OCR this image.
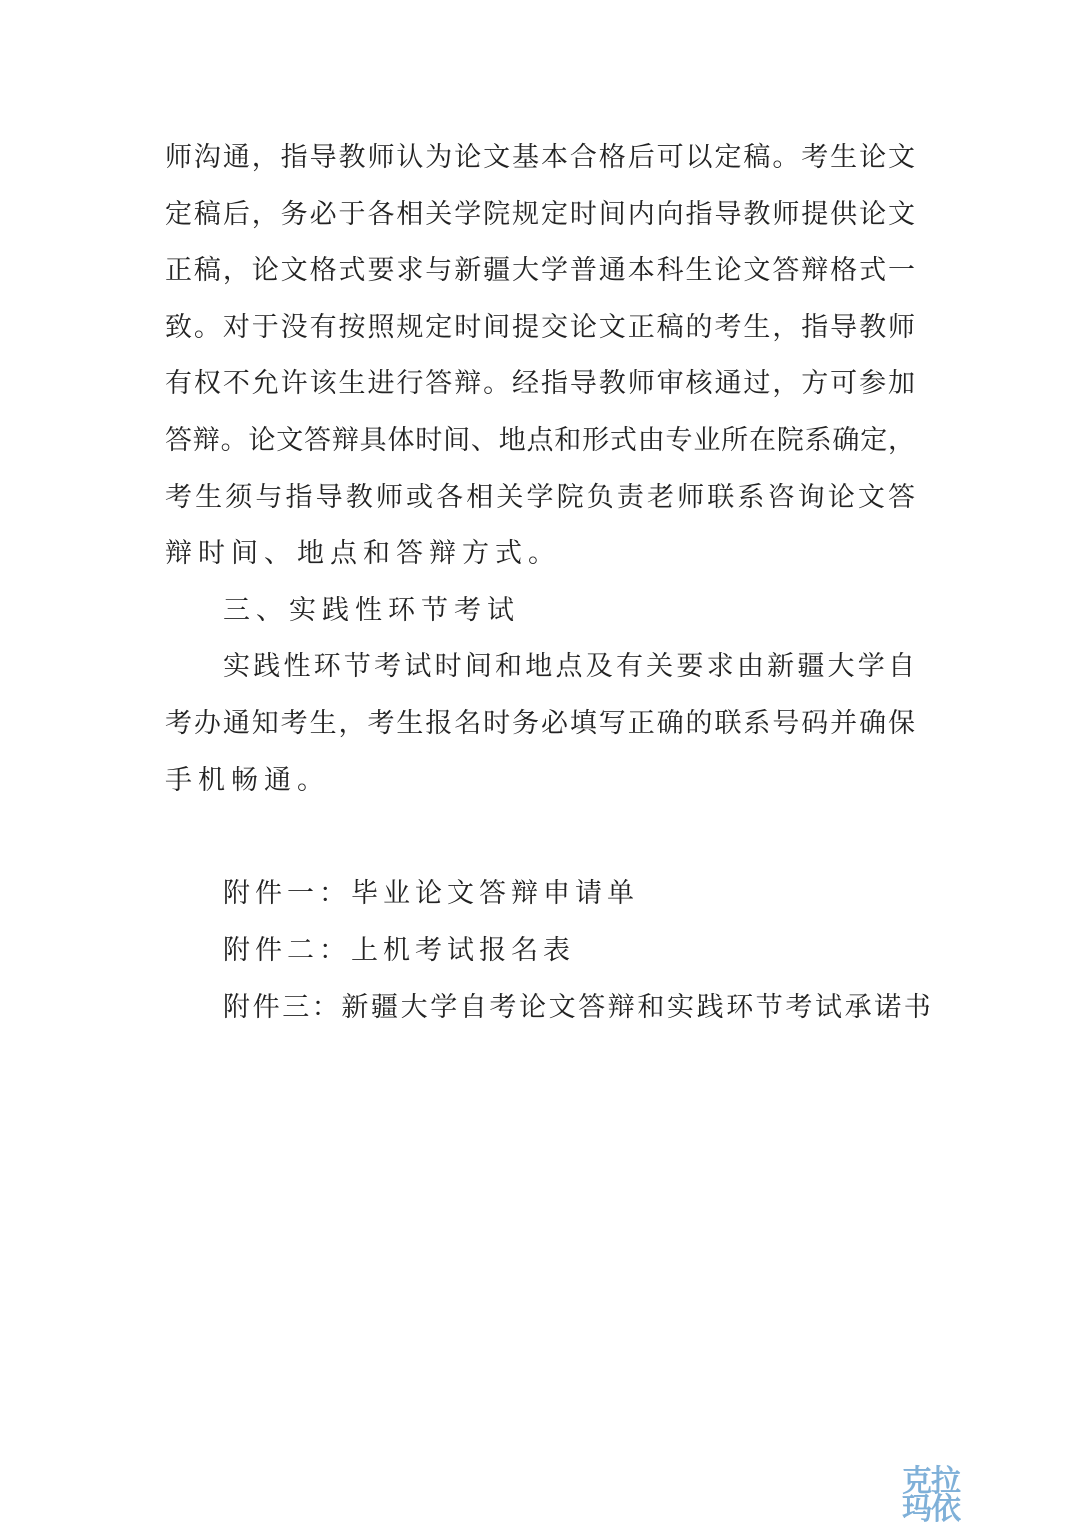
师沟通，指导教师认为论文基本合格后可以定稿。考生论文
定稿后，务必于各相关学院规定时间内向指导教师提供论文
正稿，论文格式要求与新疆大学普通本科生论文答辩格式一
致。对于没有按照规定时间提交论文正稿的考生，指导教师
有权不允许该生进行答辩。经指导教师审核通过，方可参加
答辩。论文答辩具体时间、地点和形式由专业所在院系确定，
考生须与指导教师或各相关学院负责老师联系咨询论文答
辩时间、地点和答辩方式。
三、实践性环节考试
实践性环节考试时间和地点及有关要求由新疆大学自
考办通知考生，考生报名时务必填写正确的联系号码并确保
手机畅通。
附件一：毕业论文答辩申请单
附件二：上机考试报名表
附件三：新疆大学自考论文答辩和实践环节考试承诺书
克拉
玛依
